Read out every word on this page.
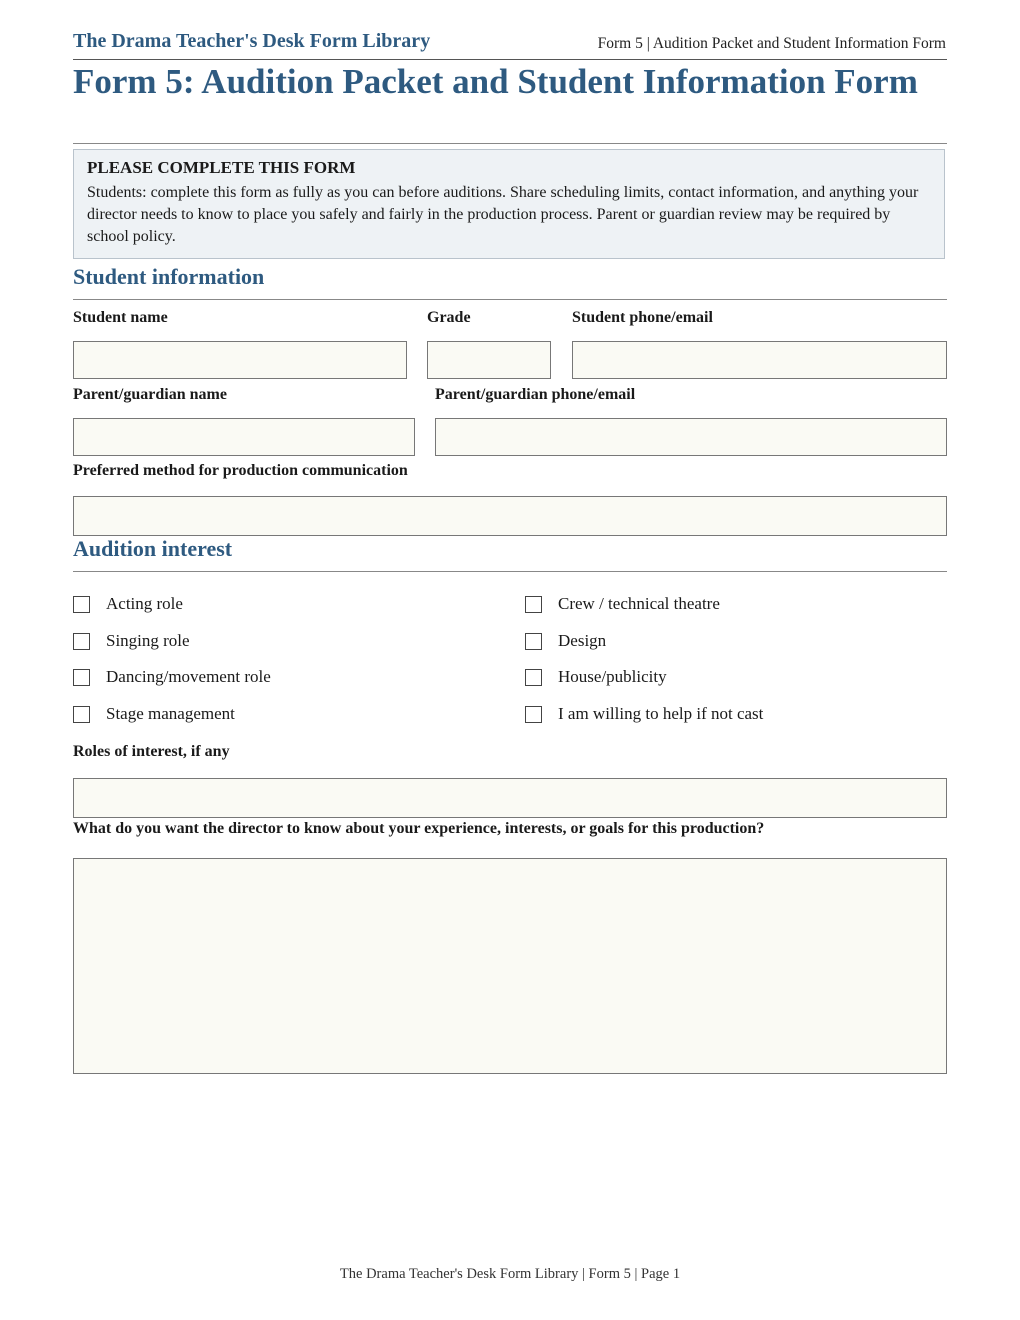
The Drama Teacher's Desk Form Library	Form 5 | Audition Packet and Student Information Form
Form 5: Audition Packet and Student Information Form
PLEASE COMPLETE THIS FORM
Students: complete this form as fully as you can before auditions. Share scheduling limits, contact information, and anything your director needs to know to place you safely and fairly in the production process. Parent or guardian review may be required by school policy.
Student information
Student name	Grade	Student phone/email
Parent/guardian name	Parent/guardian phone/email
Preferred method for production communication
Audition interest
Acting role
Singing role
Dancing/movement role
Stage management
Crew / technical theatre
Design
House/publicity
I am willing to help if not cast
Roles of interest, if any
What do you want the director to know about your experience, interests, or goals for this production?
The Drama Teacher's Desk Form Library | Form 5 | Page 1
